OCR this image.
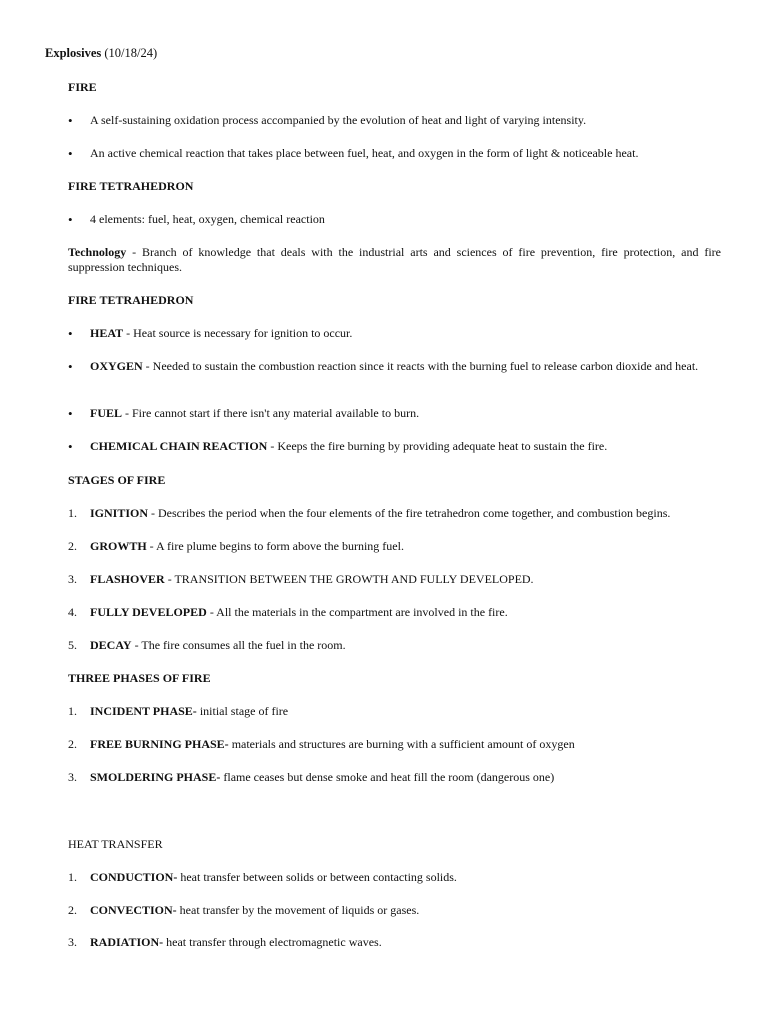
Explosives (10/18/24)
FIRE
•	A self-sustaining oxidation process accompanied by the evolution of heat and light of varying intensity.
•	An active chemical reaction that takes place between fuel, heat, and oxygen in the form of light & noticeable heat.
FIRE TETRAHEDRON
•	4 elements: fuel, heat, oxygen, chemical reaction
Technology - Branch of knowledge that deals with the industrial arts and sciences of fire prevention, fire protection, and fire suppression techniques.
FIRE TETRAHEDRON
•	HEAT - Heat source is necessary for ignition to occur.
•	OXYGEN - Needed to sustain the combustion reaction since it reacts with the burning fuel to release carbon dioxide and heat.
•	FUEL - Fire cannot start if there isn't any material available to burn.
•	CHEMICAL CHAIN REACTION - Keeps the fire burning by providing adequate heat to sustain the fire.
STAGES OF FIRE
1.	IGNITION - Describes the period when the four elements of the fire tetrahedron come together, and combustion begins.
2.	GROWTH - A fire plume begins to form above the burning fuel.
3.	FLASHOVER - TRANSITION BETWEEN THE GROWTH AND FULLY DEVELOPED.
4.	FULLY DEVELOPED - All the materials in the compartment are involved in the fire.
5.	DECAY - The fire consumes all the fuel in the room.
THREE PHASES OF FIRE
1.	INCIDENT PHASE- initial stage of fire
2.	FREE BURNING PHASE- materials and structures are burning with a sufficient amount of oxygen
3.	SMOLDERING PHASE- flame ceases but dense smoke and heat fill the room (dangerous one)
HEAT TRANSFER
1.	CONDUCTION- heat transfer between solids or between contacting solids.
2.	CONVECTION- heat transfer by the movement of liquids or gases.
3.	RADIATION- heat transfer through electromagnetic waves.
